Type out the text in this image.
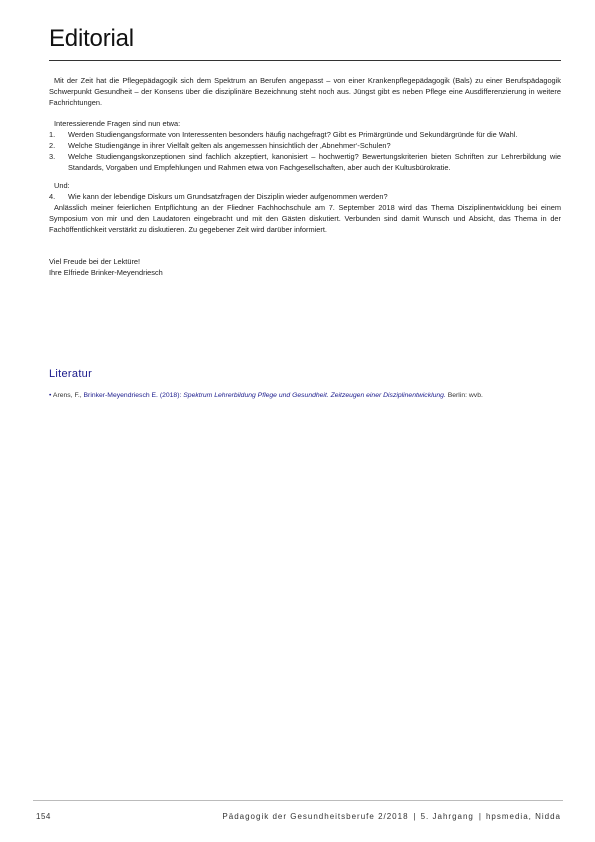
Editorial

Mit der Zeit hat die Pflegepädagogik sich dem Spektrum an Berufen angepasst – von einer Krankenpflegepädagogik (Bals) zu einer Berufspädagogik Schwerpunkt Gesundheit – der Konsens über die disziplinäre Bezeichnung steht noch aus. Jüngst gibt es neben Pflege eine Ausdifferenzierung in weitere Fachrichtungen.

Interessierende Fragen sind nun etwa:

1. Werden Studiengangsformate von Interessenten besonders häufig nachgefragt? Gibt es Primärgründe und Sekundärgründe für die Wahl.
2. Welche Studiengänge in ihrer Vielfalt gelten als angemessen hinsichtlich der ‚Abnehmer‘-Schulen?
3. Welche Studiengangskonzeptionen sind fachlich akzeptiert, kanonisiert – hochwertig? Bewertungskriterien bieten Schriften zur Lehrerbildung wie Standards, Vorgaben und Empfehlungen und Rahmen etwa von Fachgesellschaften, aber auch der Kultusbürokratie.

Und:

4. Wie kann der lebendige Diskurs um Grundsatzfragen der Disziplin wieder aufgenommen werden?

Anlässlich meiner feierlichen Entpflichtung an der Fliedner Fachhochschule am 7. September 2018 wird das Thema Disziplinentwicklung bei einem Symposium von mir und den Laudatoren eingebracht und mit den Gästen diskutiert. Verbunden sind damit Wunsch und Absicht, das Thema in der Fachöffentlichkeit verstärkt zu diskutieren. Zu gegebener Zeit wird darüber informiert.

Viel Freude bei der Lektüre!

Ihre Elfriede Brinker-Meyendriesch

Literatur
• Arens, F., Brinker-Meyendriesch E. (2018): Spektrum Lehrerbildung Pflege und Gesundheit. Zeitzeugen einer Disziplinentwicklung. Berlin: wvb.
154	Pädagogik der Gesundheitsberufe 2/2018 | 5. Jahrgang | hpsmedia, Nidda
